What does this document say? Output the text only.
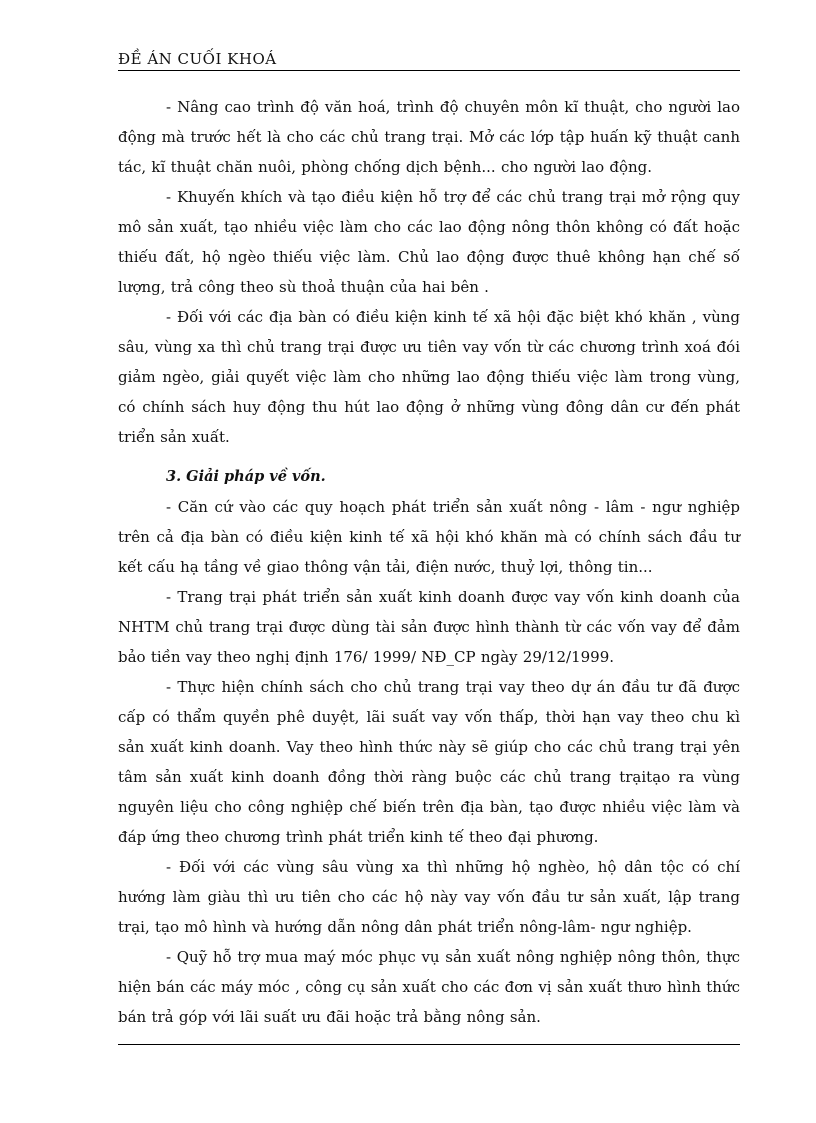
ĐỀ ÁN CUỐI KHOÁ

- Nâng cao trình độ văn hoá, trình độ chuyên môn kĩ thuật, cho người lao động mà trước hết là cho các chủ trang trại. Mở các lớp tập huấn kỹ thuật canh tác, kĩ thuật chăn nuôi, phòng chống dịch bệnh... cho người lao động.

- Khuyến khích và tạo điều kiện hỗ trợ để các chủ trang trại mở rộng quy mô sản xuất, tạo nhiều việc làm cho các lao động nông thôn không có đất hoặc thiếu đất, hộ ngèo thiếu việc làm. Chủ lao động được thuê không hạn chế số lượng, trả công theo sù thoả thuận của hai bên .

- Đối với các địa bàn có điều kiện kinh tế xã hội đặc biệt khó khăn , vùng sâu, vùng xa thì chủ trang trại được ưu tiên vay vốn từ các chương trình xoá đói giảm ngèo, giải quyết việc làm cho những lao động thiếu việc làm trong vùng, có chính sách huy động thu hút lao động ở những vùng đông dân cư đến phát triển sản xuất.

3. Giải pháp về vốn.

- Căn cứ vào các quy hoạch phát triển sản xuất nông - lâm - ngư nghiệp trên cả địa bàn có điều kiện kinh tế xã hội khó khăn mà có chính sách đầu tư kết cấu hạ tầng về giao thông vận tải, điện nước, thuỷ lợi, thông tin...

- Trang trại phát triển sản xuất kinh doanh được vay vốn kinh doanh của NHTM chủ trang trại được dùng tài sản được hình thành từ các vốn vay để đảm bảo tiền vay theo nghị định 176/ 1999/ NĐ_CP ngày 29/12/1999.

- Thực hiện chính sách cho chủ trang trại vay theo dự án đầu tư đã được cấp có thẩm quyền phê duyệt, lãi suất vay vốn thấp, thời hạn vay theo chu kì sản xuất kinh doanh. Vay theo hình thức này sẽ giúp cho các chủ trang trại yên tâm sản xuất kinh doanh đồng thời ràng buộc các chủ trang trạitạo ra vùng nguyên liệu cho công nghiệp chế biến trên địa bàn, tạo được nhiều việc làm và đáp ứng theo chương trình phát triển kinh tế theo đại phương.

- Đối với các vùng sâu vùng xa thì những hộ nghèo, hộ dân tộc có chí hướng làm giàu thì ưu tiên cho các hộ này vay vốn đầu tư sản xuất, lập trang trại, tạo mô hình và hướng dẫn nông dân phát triển nông-lâm- ngư nghiệp.

- Quỹ hỗ trợ mua maý móc phục vụ sản xuất nông nghiệp nông thôn, thực hiện bán các máy móc , công cụ sản xuất cho các đơn vị sản xuất thưo hình thức bán trả góp với lãi suất ưu đãi hoặc trả bằng nông sản.
